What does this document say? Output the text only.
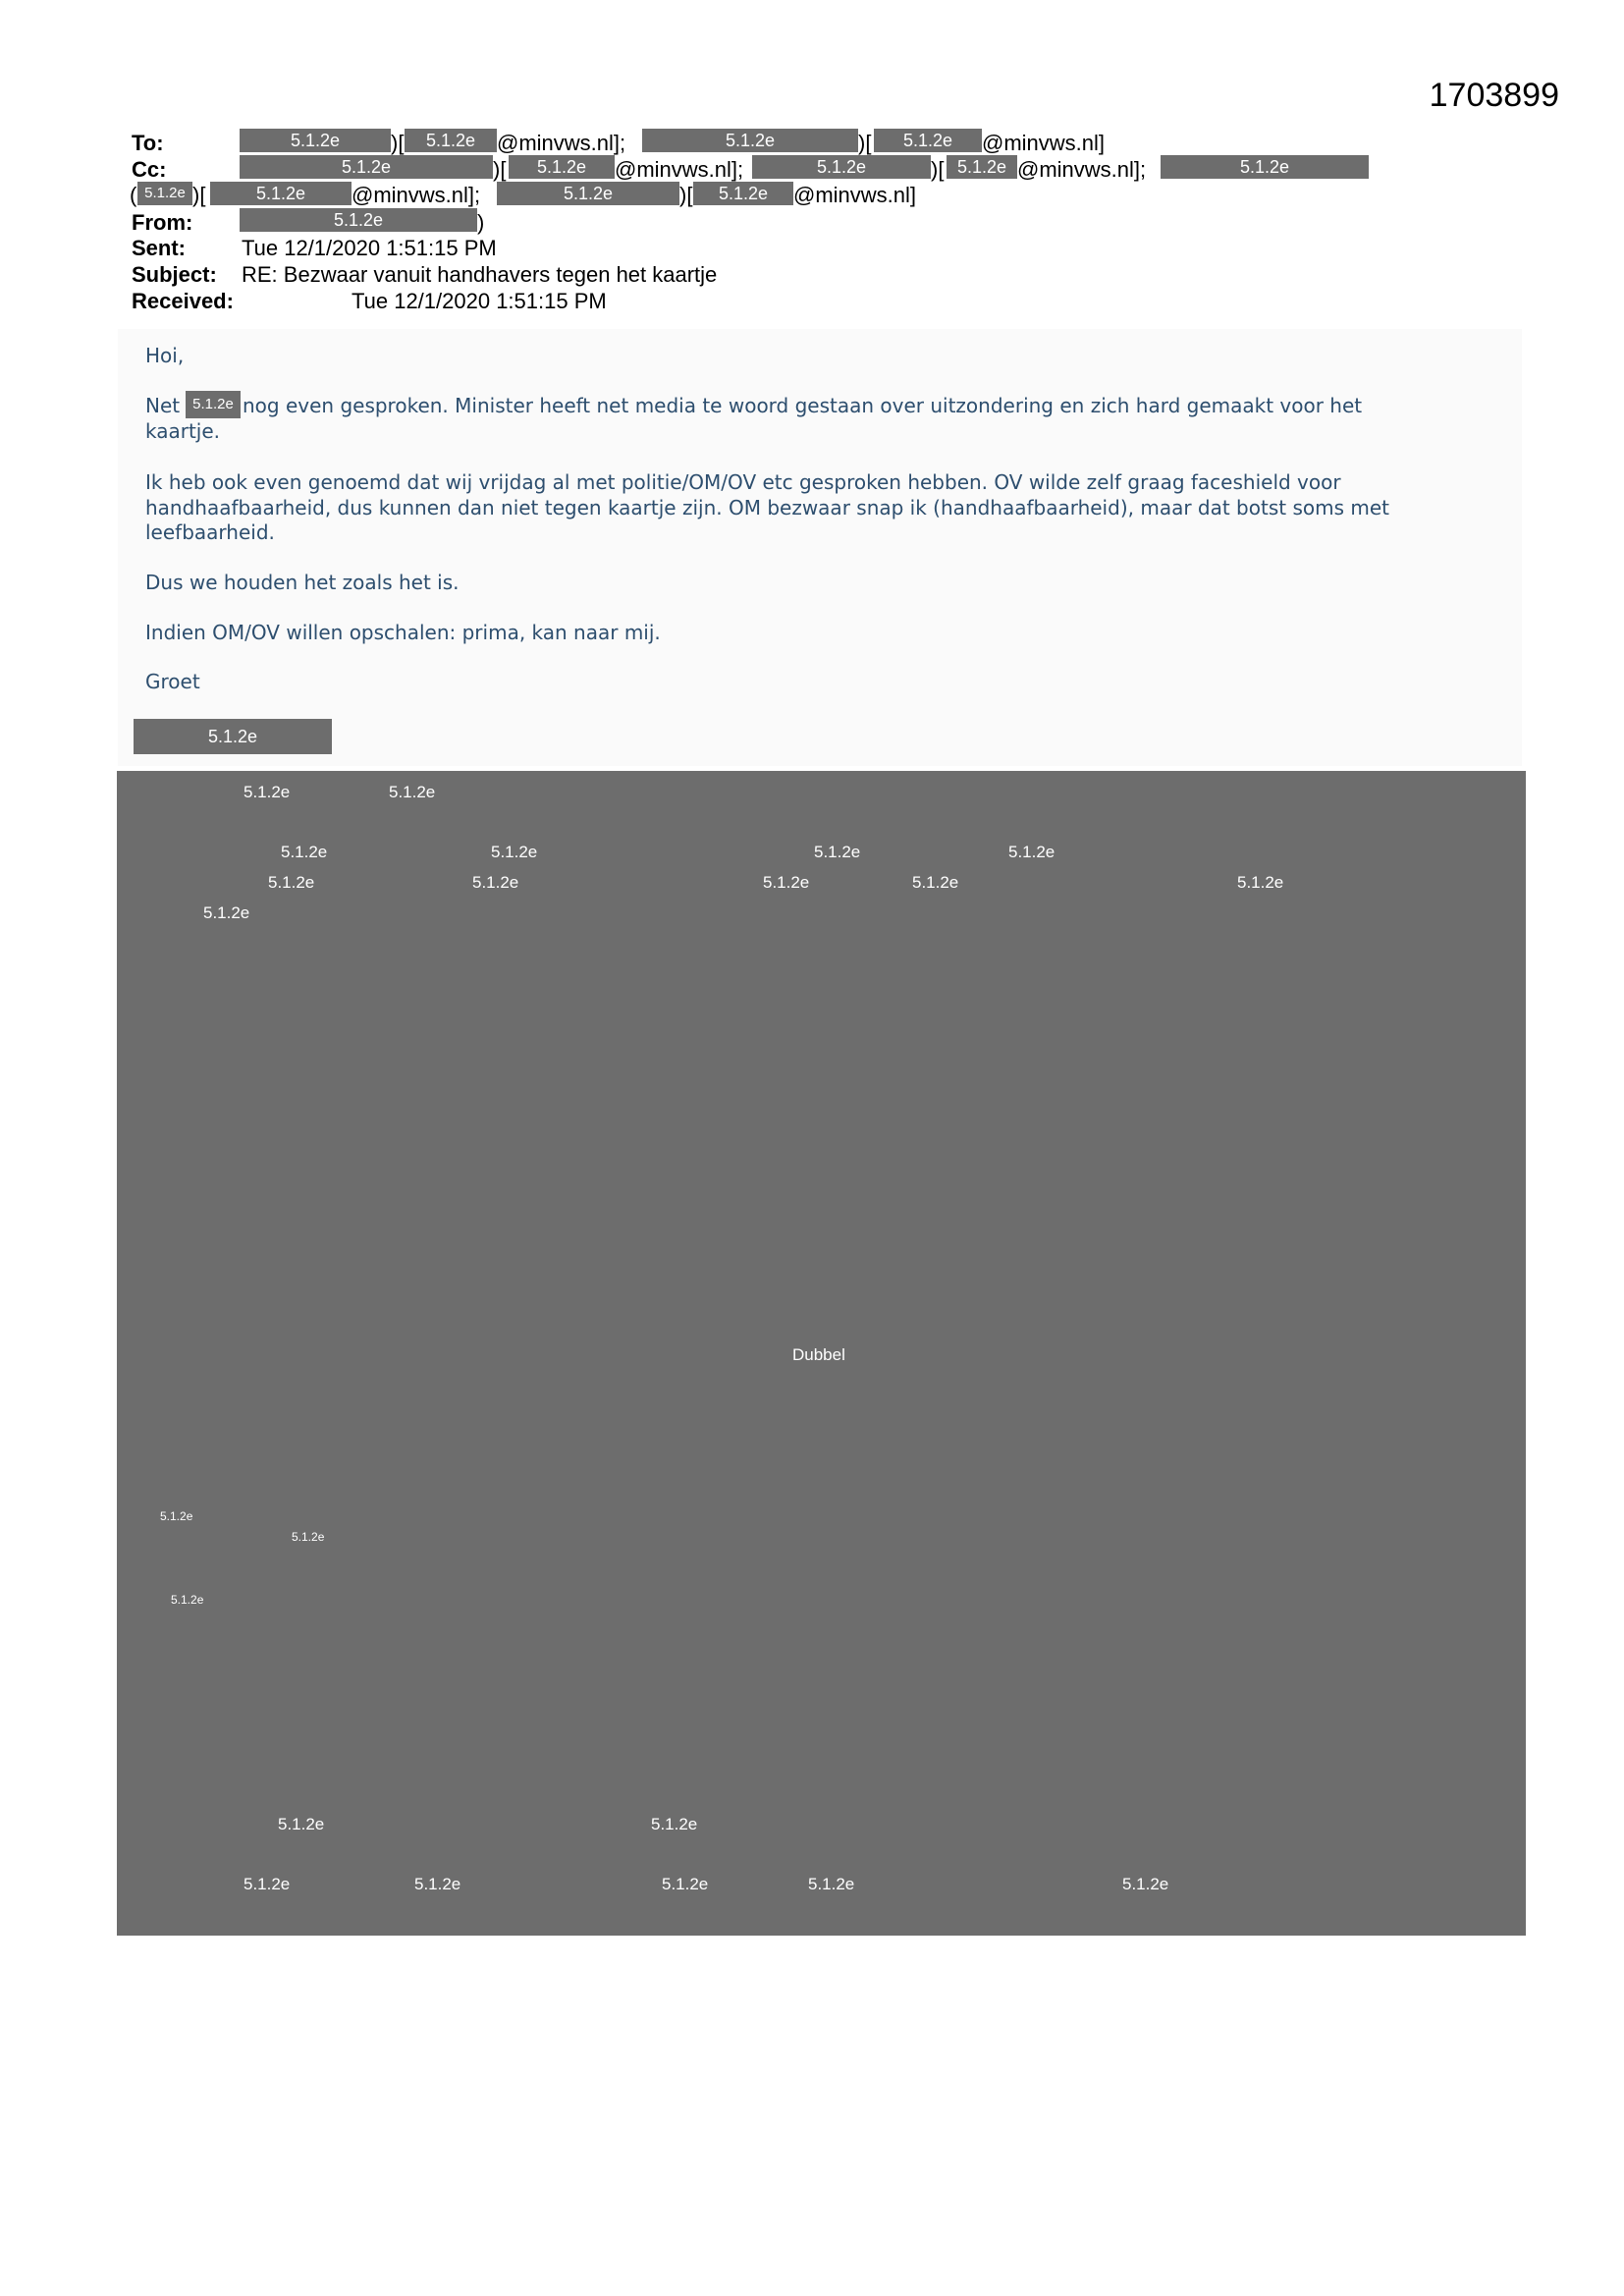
1703899
To:	5.1.2e	)[	5.1.2e @minvws.nl];	5.1.2e	)[	5.1.2e	@minvws.nl]
Cc:	5.1.2e	)[	5.1.2e	@minvws.nl];	5.1.2e	)[ 5.1.2e @minvws.nl];	5.1.2e
( 5.1.2e )[	5.1.2e	@minvws.nl];	5.1.2e	)[	5.1.2e	@minvws.nl]
From:	5.1.2e	)
Sent:	Tue 12/1/2020 1:51:15 PM
Subject: RE: Bezwaar vanuit handhavers tegen het kaartje
Received:	Tue 12/1/2020 1:51:15 PM
Hoi,
Net 5.1.2e nog even gesproken. Minister heeft net media te woord gestaan over uitzondering en zich hard gemaakt voor het
kaartje.
Ik heb ook even genoemd dat wij vrijdag al met politie/OM/OV etc gesproken hebben. OV wilde zelf graag faceshield voor
handhaafbaarheid, dus kunnen dan niet tegen kaartje zijn. OM bezwaar snap ik (handhaafbaarheid), maar dat botst soms met
leefbaarheid.
Dus we houden het zoals het is.
Indien OM/OV willen opschalen: prima, kan naar mij.
Groet
5.1.2e
5.1.2e	5.1.2e
5.1.2e	5.1.2e	5.1.2e	5.1.2e
5.1.2e	5.1.2e	5.1.2e	5.1.2e	5.1.2e
5.1.2e
Dubbel
5.1.2e
5.1.2e
5.1.2e
5.1.2e	5.1.2e
5.1.2e	5.1.2e	5.1.2e	5.1.2e	5.1.2e
